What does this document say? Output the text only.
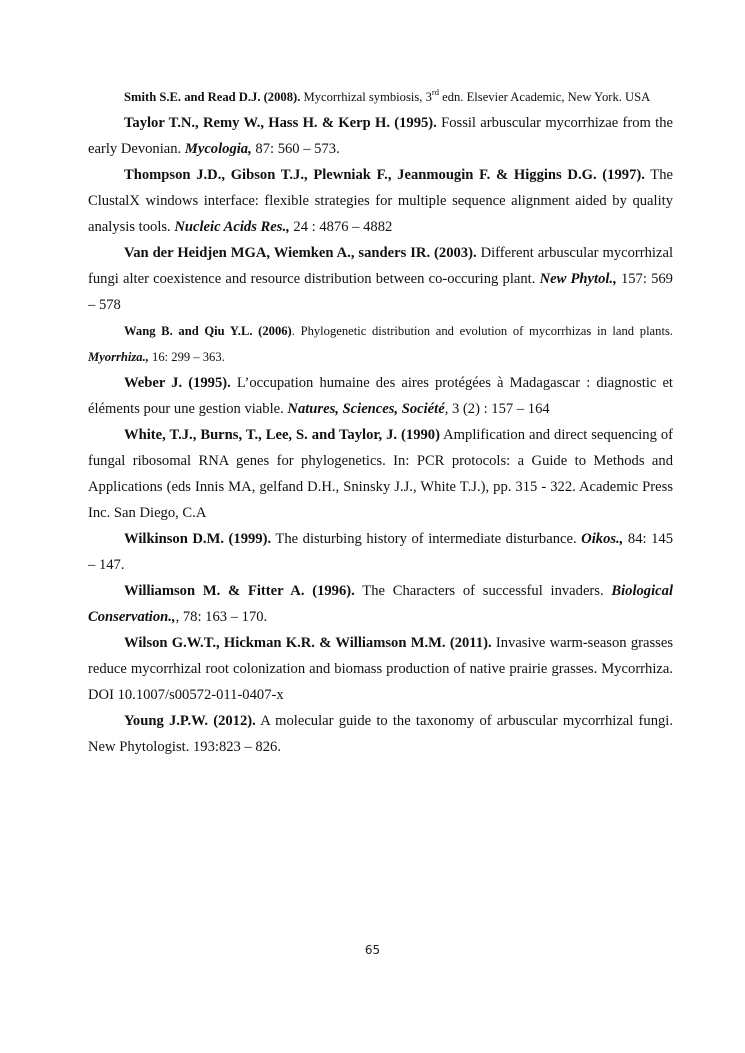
Smith S.E. and Read D.J. (2008). Mycorrhizal symbiosis, 3rd edn. Elsevier Academic, New York. USA

Taylor T.N., Remy W., Hass H. & Kerp H. (1995). Fossil arbuscular mycorrhizae from the early Devonian. Mycologia, 87: 560 – 573.

Thompson J.D., Gibson T.J., Plewniak F., Jeanmougin F. & Higgins D.G. (1997). The ClustalX windows interface: flexible strategies for multiple sequence alignment aided by quality analysis tools. Nucleic Acids Res., 24 : 4876 – 4882

Van der Heidjen MGA, Wiemken A., sanders IR. (2003). Different arbuscular mycorrhizal fungi alter coexistence and resource distribution between co-occuring plant. New Phytol., 157: 569 – 578

Wang B. and Qiu Y.L. (2006). Phylogenetic distribution and evolution of mycorrhizas in land plants. Myorrhiza., 16: 299 – 363.

Weber J. (1995). L’occupation humaine des aires protégées à Madagascar : diagnostic et éléments pour une gestion viable. Natures, Sciences, Société, 3 (2) : 157 – 164

White, T.J., Burns, T., Lee, S. and Taylor, J. (1990) Amplification and direct sequencing of fungal ribosomal RNA genes for phylogenetics. In: PCR protocols: a Guide to Methods and Applications (eds Innis MA, gelfand D.H., Sninsky J.J., White T.J.), pp. 315 - 322. Academic Press Inc. San Diego, C.A

Wilkinson D.M. (1999). The disturbing history of intermediate disturbance. Oikos., 84: 145 – 147.

Williamson M. & Fitter A. (1996). The Characters of successful invaders. Biological Conservation.,, 78: 163 – 170.

Wilson G.W.T., Hickman K.R. & Williamson M.M. (2011). Invasive warm-season grasses reduce mycorrhizal root colonization and biomass production of native prairie grasses. Mycorrhiza. DOI 10.1007/s00572-011-0407-x

Young J.P.W. (2012). A molecular guide to the taxonomy of arbuscular mycorrhizal fungi. New Phytologist. 193:823 – 826.

65
